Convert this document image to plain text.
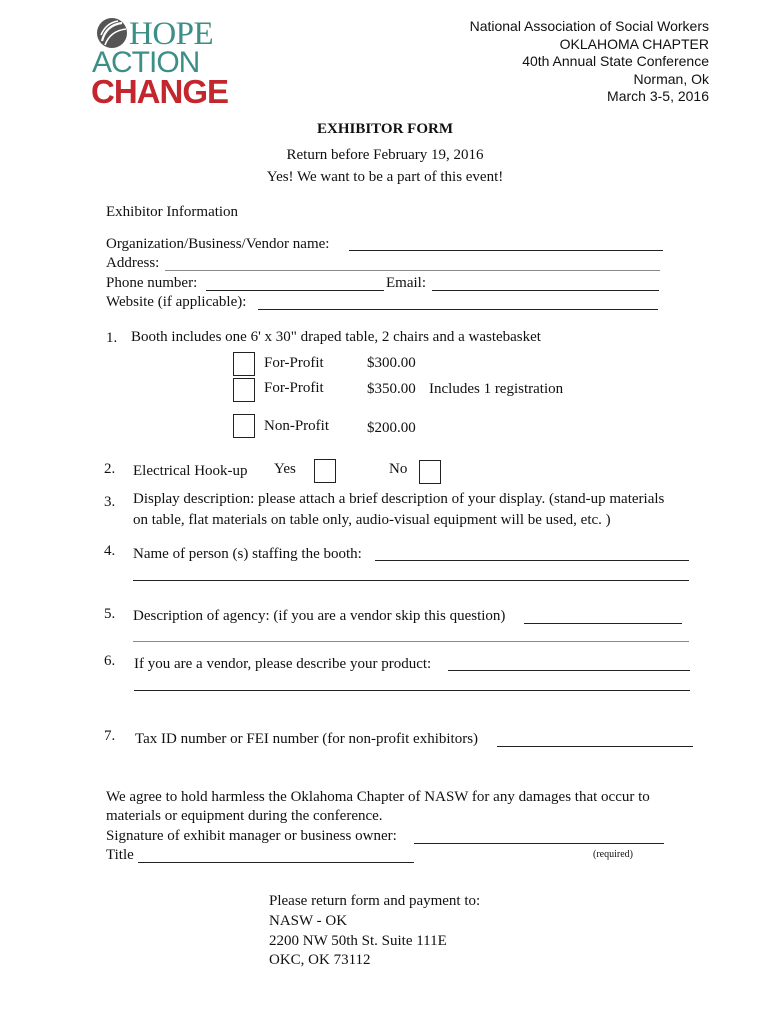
HOPE
ACTION
CHANGE
National Association of Social Workers
OKLAHOMA CHAPTER
40th Annual State Conference
Norman, Ok
March 3-5, 2016
EXHIBITOR FORM
Return before February 19, 2016
Yes! We want to be a part of this event!
Exhibitor Information
Organization/Business/Vendor name:
Address:
Phone number:	Email:
Website (if applicable):
1. Booth includes one 6' x 30" draped table, 2 chairs and a wastebasket
For-Profit	$300.00
For-Profit	$350.00 Includes 1 registration
Non-Profit	$200.00
2. Electrical Hook-up Yes	No
3. Display description: please attach a brief description of your display. (stand-up materials
on table, flat materials on table only, audio-visual equipment will be used, etc. )
4. Name of person (s) staffing the booth:
5. Description of agency: (if you are a vendor skip this question)
6. If you are a vendor, please describe your product:
7. Tax ID number or FEI number (for non-profit exhibitors)
We agree to hold harmless the Oklahoma Chapter of NASW for any damages that occur to
materials or equipment during the conference.
Signature of exhibit manager or business owner:
Title	(required)
Please return form and payment to:
NASW - OK
2200 NW 50th St. Suite 111E
OKC, OK 73112
